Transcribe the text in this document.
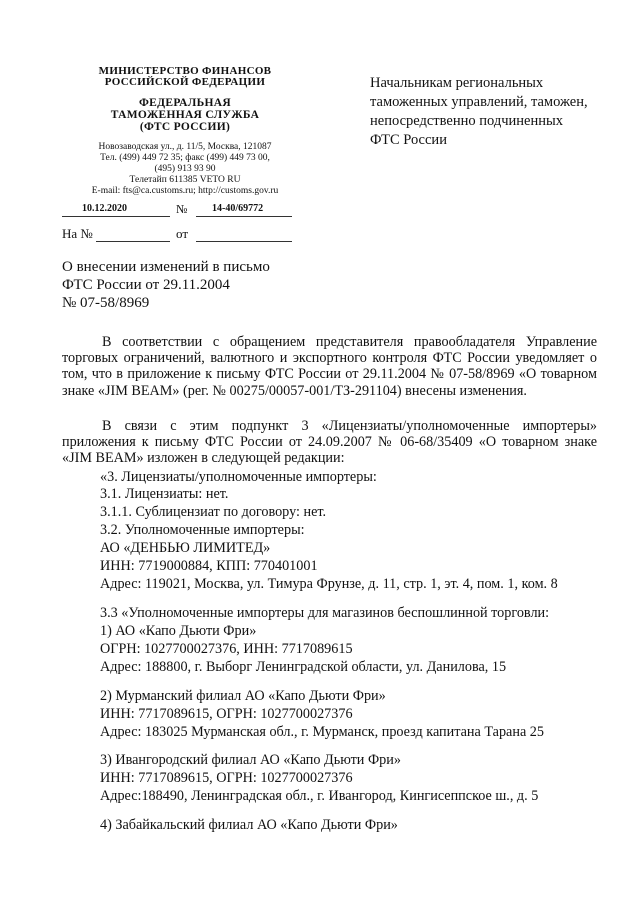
МИНИСТЕРСТВО ФИНАНСОВ
РОССИЙСКОЙ ФЕДЕРАЦИИ
ФЕДЕРАЛЬНАЯ
ТАМОЖЕННАЯ СЛУЖБА
(ФТС РОССИИ)
Новозаводская ул., д. 11/5, Москва, 121087
Тел. (499) 449 72 35; факс (499) 449 73 00,
(495) 913 93 90
Телетайп 611385 VETO RU
E-mail: fts@ca.customs.ru; http://customs.gov.ru
10.12.2020	№ 14-40/69772
На №	от
Начальникам региональных таможенных управлений, таможен, непосредственно подчиненных ФТС России
О внесении изменений в письмо
ФТС России от 29.11.2004
№ 07-58/8969
В соответствии с обращением представителя правообладателя Управление торговых ограничений, валютного и экспортного контроля ФТС России уведомляет о том, что в приложение к письму ФТС России от 29.11.2004 № 07-58/8969 «О товарном знаке «JIM BEAM» (рег. № 00275/00057-001/ТЗ-291104) внесены изменения.
В связи с этим подпункт 3 «Лицензиаты/уполномоченные импортеры» приложения к письму ФТС России от 24.09.2007 № 06-68/35409 «О товарном знаке «JIM BEAM» изложен в следующей редакции:
«3. Лицензиаты/уполномоченные импортеры:
3.1. Лицензиаты: нет.
3.1.1. Сублицензиат по договору: нет.
3.2. Уполномоченные импортеры:
АО «ДЕНБЬЮ ЛИМИТЕД»
ИНН: 7719000884, КПП: 770401001
Адрес: 119021, Москва, ул. Тимура Фрунзе, д. 11, стр. 1, эт. 4, пом. 1, ком. 8
3.3 «Уполномоченные импортеры для магазинов беспошлинной торговли:
1) АО «Капо Дьюти Фри»
ОГРН: 1027700027376, ИНН: 7717089615
Адрес: 188800, г. Выборг Ленинградской области, ул. Данилова, 15
2) Мурманский филиал АО «Капо Дьюти Фри»
ИНН: 7717089615, ОГРН: 1027700027376
Адрес: 183025 Мурманская обл., г. Мурманск, проезд капитана Тарана 25
3) Ивангородский филиал АО «Капо Дьюти Фри»
ИНН: 7717089615, ОГРН: 1027700027376
Адрес:188490, Ленинградская обл., г. Ивангород, Кингисеппское ш., д. 5
4) Забайкальский филиал АО «Капо Дьюти Фри»
